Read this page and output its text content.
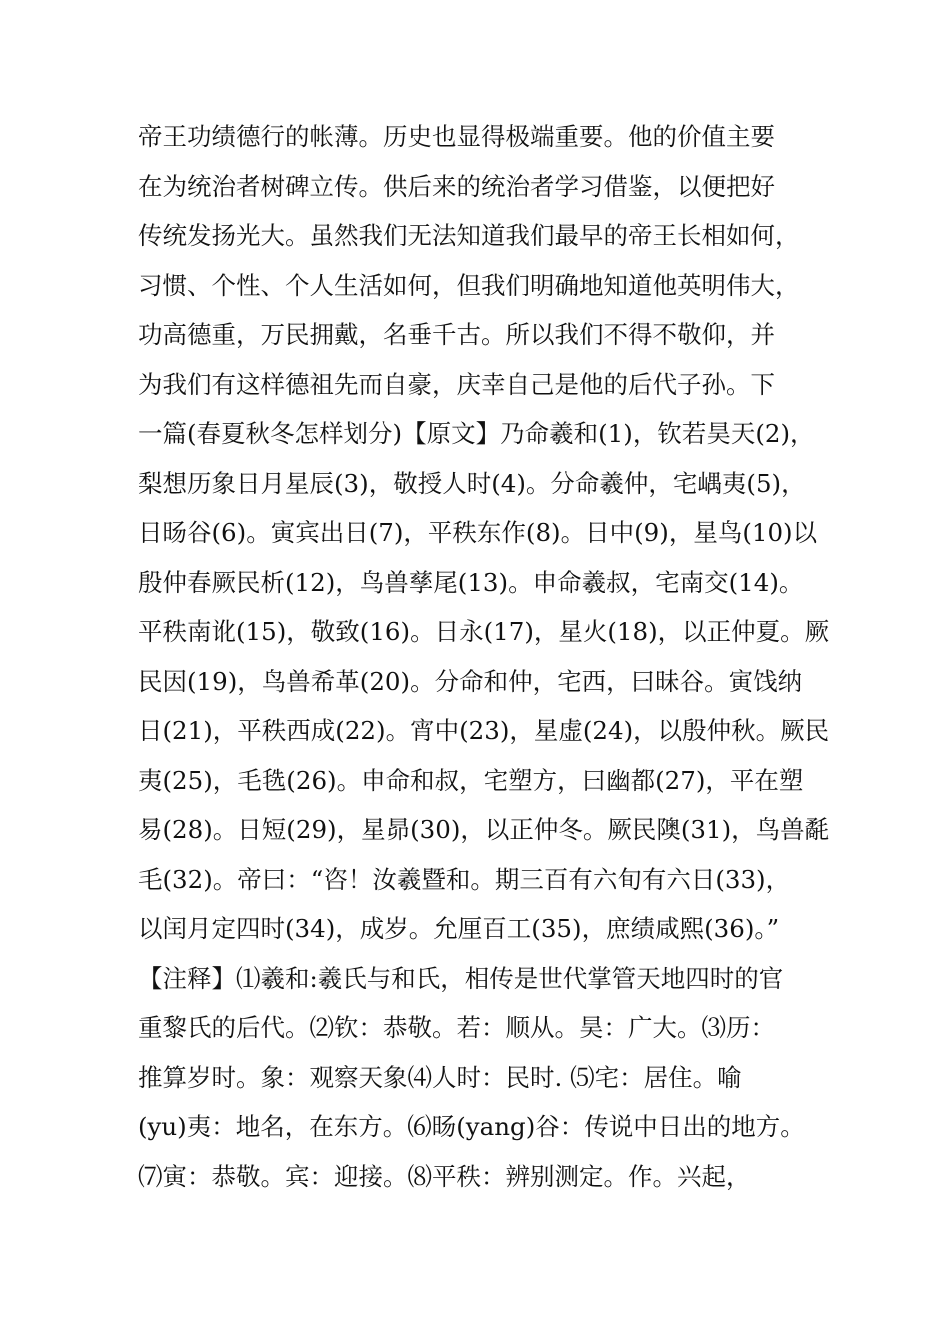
帝王功绩德行的帐薄。历史也显得极端重要。他的价值主要
在为统治者树碑立传。供后来的统治者学习借鉴，以便把好
传统发扬光大。虽然我们无法知道我们最早的帝王长相如何，
习惯、个性、个人生活如何，但我们明确地知道他英明伟大，
功高德重，万民拥戴，名垂千古。所以我们不得不敬仰，并
为我们有这样德祖先而自豪，庆幸自己是他的后代子孙。下
一篇(春夏秋冬怎样划分)【原文】乃命羲和(1)，钦若昊天(2)，
梨想历象日月星辰(3)，敬授人时(4)。分命羲仲，宅嵎夷(5)，
日旸谷(6)。寅宾出日(7)，平秩东作(8)。日中(9)，星鸟(10)以
殷仲春厥民析(12)，鸟兽孳尾(13)。申命羲叔，宅南交(14)。
平秩南讹(15)，敬致(16)。日永(17)，星火(18)，以正仲夏。厥
民因(19)，鸟兽希革(20)。分命和仲，宅西，曰昧谷。寅饯纳
日(21)，平秩西成(22)。宵中(23)，星虚(24)，以殷仲秋。厥民
夷(25)，毛毨(26)。申命和叔，宅塑方，曰幽都(27)，平在塑
易(28)。日短(29)，星昴(30)，以正仲冬。厥民隩(31)，鸟兽氄
毛(32)。帝曰：“咨！汝羲暨和。期三百有六旬有六日(33)，
以闰月定四时(34)，成岁。允厘百工(35)，庶绩咸熙(36)。”
【注释】⑴羲和:羲氏与和氏，相传是世代掌管天地四时的官
重黎氏的后代。⑵钦：恭敬。若：顺从。昊：广大。⑶历：
推算岁时。象：观察天象⑷人时：民时. ⑸宅：居住。喻
(yu)夷：地名，在东方。⑹旸(yang)谷：传说中日出的地方。
⑺寅：恭敬。宾：迎接。⑻平秩：辨别测定。作。兴起，
